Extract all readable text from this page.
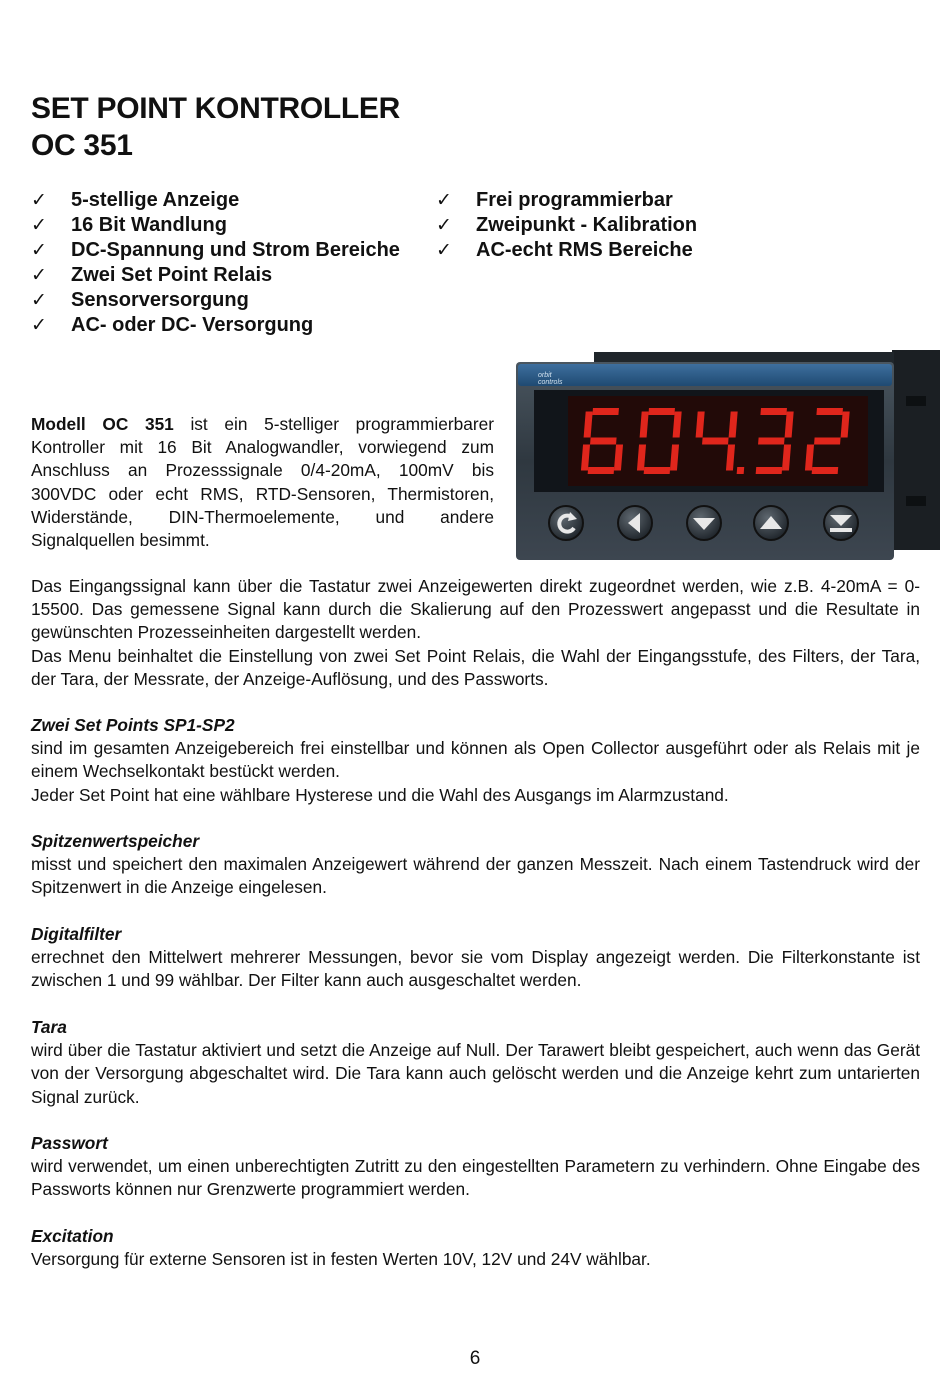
SET POINT KONTROLLER
OC 351
✓ 5-stellige Anzeige
✓ 16 Bit Wandlung
✓ DC-Spannung und Strom Bereiche
✓ Zwei Set Point Relais
✓ Sensorversorgung
✓ AC- oder DC- Versorgung
✓ Frei programmierbar
✓ Zweipunkt - Kalibration
✓ AC-echt RMS Bereiche

Modell OC 351 ist ein 5-stelliger programmierbarer Kontroller mit 16 Bit Analogwandler, vorwiegend zum Anschluss an Prozesssignale 0/4-20mA, 100mV bis 300VDC oder echt RMS, RTD-Sensoren, Thermistoren, Widerstände, DIN-Thermoelemente, und andere Signalquellen besimmt.

orbit
controls

Das Eingangssignal kann über die Tastatur zwei Anzeigewerten direkt zugeordnet werden, wie z.B. 4-20mA = 0-15500. Das gemessene Signal kann durch die Skalierung auf den Prozesswert angepasst und die Resultate in gewünschten Prozesseinheiten dargestellt werden.

Das Menu beinhaltet die Einstellung von zwei Set Point Relais, die Wahl der Eingangsstufe, des Filters, der Tara, der Tara, der Messrate, der Anzeige-Auflösung, und des Passworts.

Zwei Set Points SP1-SP2

sind im gesamten Anzeigebereich frei einstellbar und können als Open Collector ausgeführt oder als Relais mit je einem Wechselkontakt bestückt werden.

Jeder Set Point hat eine wählbare Hysterese und die Wahl des Ausgangs im Alarmzustand.

Spitzenwertspeicher

misst und speichert den maximalen Anzeigewert während der ganzen Messzeit. Nach einem Tastendruck wird der Spitzenwert in die Anzeige eingelesen.

Digitalfilter

errechnet den Mittelwert mehrerer Messungen, bevor sie vom Display angezeigt werden. Die Filterkonstante ist zwischen 1 und 99 wählbar. Der Filter kann auch ausgeschaltet werden.

Tara

wird über die Tastatur aktiviert und setzt die Anzeige auf Null. Der Tarawert bleibt gespeichert, auch wenn das Gerät von der Versorgung abgeschaltet wird. Die Tara kann auch gelöscht werden und die Anzeige kehrt zum untarierten Signal zurück.

Passwort

wird verwendet, um einen unberechtigten Zutritt zu den eingestellten Parametern zu verhindern. Ohne Eingabe des Passworts können nur Grenzwerte programmiert werden.

Excitation

Versorgung für externe Sensoren ist in festen Werten 10V, 12V und 24V wählbar.

6
